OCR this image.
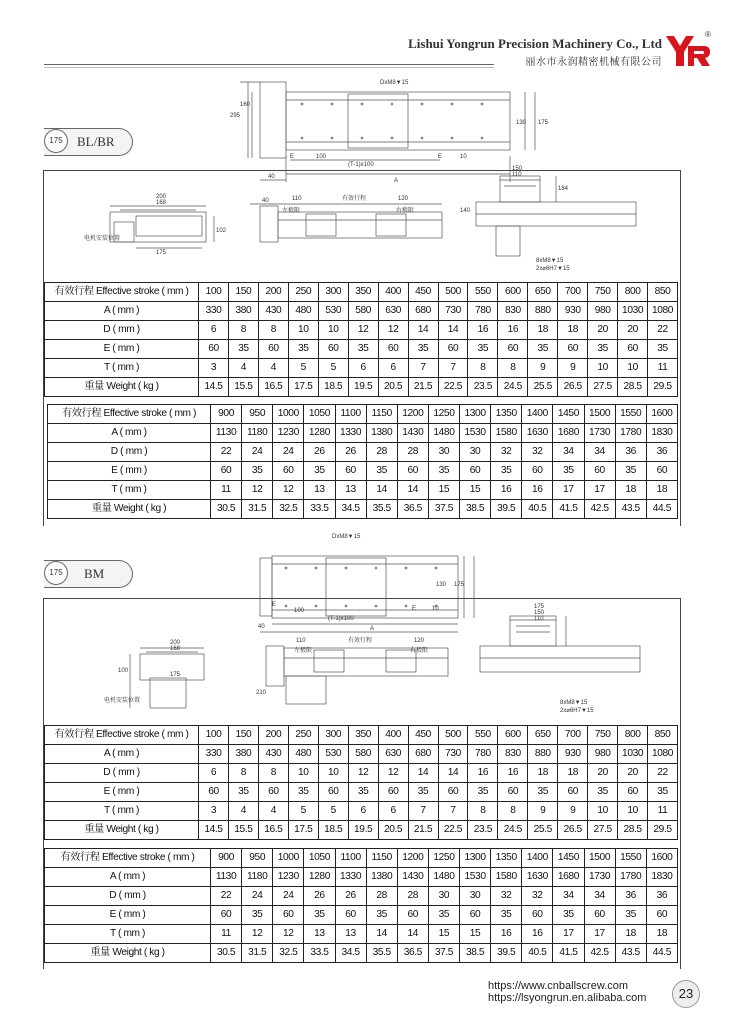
Lishui Yongrun Precision Machinery Co., Ltd
丽水市永润精密机械有限公司
®
175	BL/BR
DxM8▼15
295
160
130 175
E	100
(T-1)x100
A
40
E	10
200
168
175
102
电机安装位置
110	有效行程	120
40
左极限	右极限
150
110
184
140
8xM8▼15
2x⌀6H7▼15
有效行程 Effective stroke ( mm )	100	150	200	250	300	350	400	450	500	550	600	650	700	750	800	850
A ( mm )	330	380	430	480	530	580	630	680	730	780	830	880	930	980	1030	1080
D ( mm )	6	8	8	10	10	12	12	14	14	16	16	18	18	20	20	22
E ( mm )	60	35	60	35	60	35	60	35	60	35	60	35	60	35	60	35
T ( mm )	3	4	4	5	5	6	6	7	7	8	8	9	9	10	10	11
重量 Weight ( kg )	14.5	15.5	16.5	17.5	18.5	19.5	20.5	21.5	22.5	23.5	24.5	25.5	26.5	27.5	28.5	29.5
有效行程 Effective stroke ( mm )	900	950	1000	1050	1100	1150	1200	1250	1300	1350	1400	1450	1500	1550	1600
A ( mm )	1130	1180	1230	1280	1330	1380	1430	1480	1530	1580	1630	1680	1730	1780	1830
D ( mm )	22	24	24	26	26	28	28	30	30	32	32	34	34	36	36
E ( mm )	60	35	60	35	60	35	60	35	60	35	60	35	60	35	60
T ( mm )	11	12	12	13	13	14	14	15	15	16	16	17	17	18	18
重量 Weight ( kg )	30.5	31.5	32.5	33.5	34.5	35.5	36.5	37.5	38.5	39.5	40.5	41.5	42.5	43.5	44.5
175	BM
DxM8▼15
130 175
E
100
(T-1)x100
A
40
E	10
200
168
100
175
电机安装位置
110	有效行程	120
左极限	右极限
210
175
150
110
8xM8▼15
2x⌀6H7▼15
有效行程 Effective stroke ( mm )	100	150	200	250	300	350	400	450	500	550	600	650	700	750	800	850
A ( mm )	330	380	430	480	530	580	630	680	730	780	830	880	930	980	1030	1080
D ( mm )	6	8	8	10	10	12	12	14	14	16	16	18	18	20	20	22
E ( mm )	60	35	60	35	60	35	60	35	60	35	60	35	60	35	60	35
T ( mm )	3	4	4	5	5	6	6	7	7	8	8	9	9	10	10	11
重量 Weight ( kg )	14.5	15.5	16.5	17.5	18.5	19.5	20.5	21.5	22.5	23.5	24.5	25.5	26.5	27.5	28.5	29.5
有效行程 Effective stroke ( mm )	900	950	1000	1050	1100	1150	1200	1250	1300	1350	1400	1450	1500	1550	1600
A ( mm )	1130	1180	1230	1280	1330	1380	1430	1480	1530	1580	1630	1680	1730	1780	1830
D ( mm )	22	24	24	26	26	28	28	30	30	32	32	34	34	36	36
E ( mm )	60	35	60	35	60	35	60	35	60	35	60	35	60	35	60
T ( mm )	11	12	12	13	13	14	14	15	15	16	16	17	17	18	18
重量 Weight ( kg )	30.5	31.5	32.5	33.5	34.5	35.5	36.5	37.5	38.5	39.5	40.5	41.5	42.5	43.5	44.5
https://www.cnballscrew.com
https://lsyongrun.en.alibaba.com	23
